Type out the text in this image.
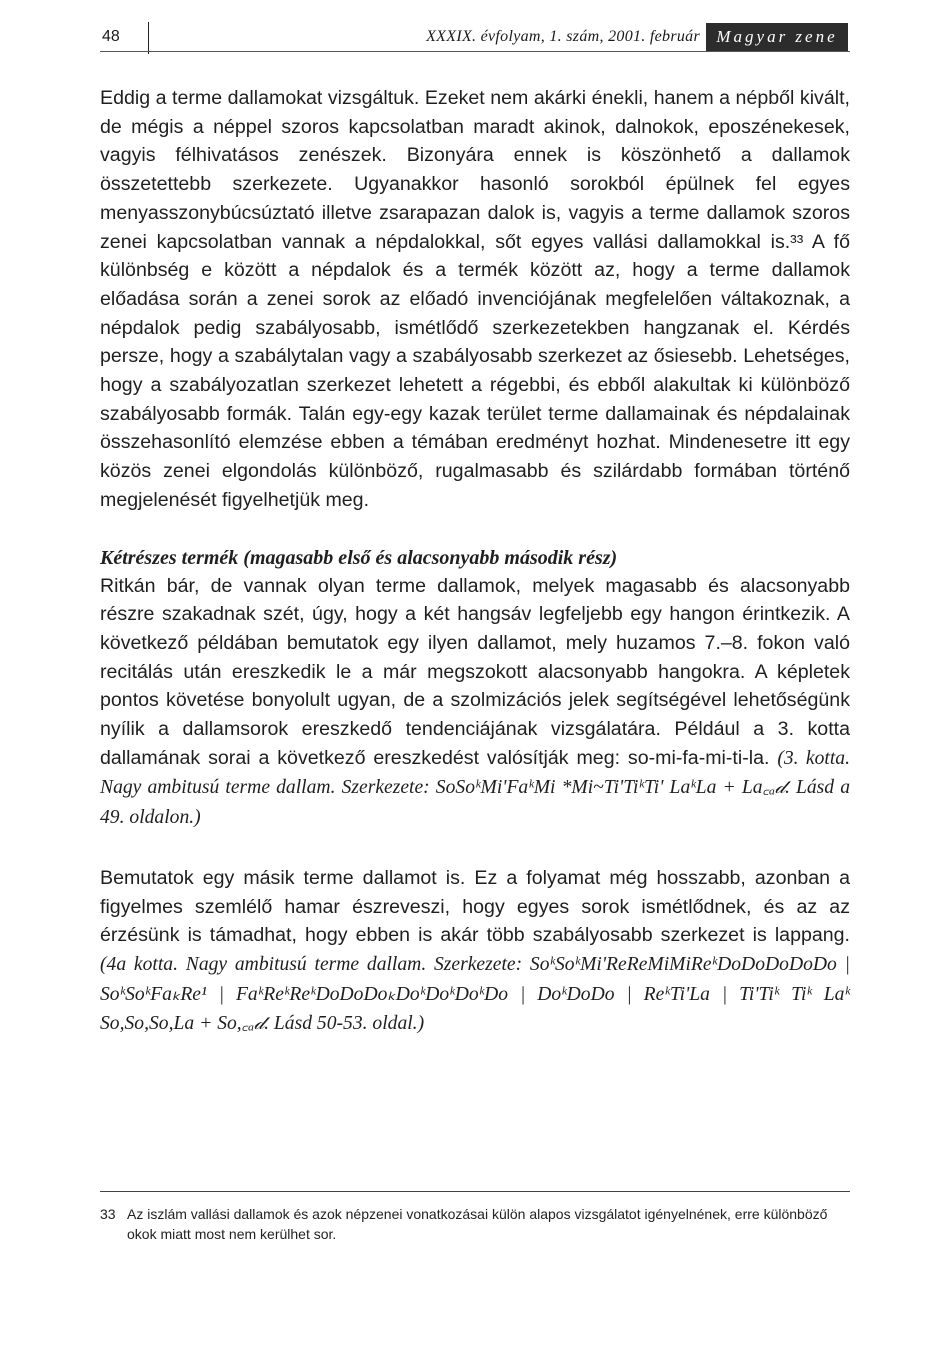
48	XXXIX. évfolyam, 1. szám, 2001. február Magyar zene

Eddig a terme dallamokat vizsgáltuk. Ezeket nem akárki énekli, hanem a népből kivált, de mégis a néppel szoros kapcsolatban maradt akinok, dalnokok, eposzénekesek, vagyis félhivatásos zenészek. Bizonyára ennek is köszönhető a dallamok összetettebb szerkezete. Ugyanakkor hasonló sorokból épülnek fel egyes menyasszonybúcsúztató illetve zsarapazan dalok is, vagyis a terme dallamok szoros zenei kapcsolatban vannak a népdalokkal, sőt egyes vallási dallamokkal is.³³ A fő különbség e között a népdalok és a termék között az, hogy a terme dallamok előadása során a zenei sorok az előadó invenciójának megfelelően váltakoznak, a népdalok pedig szabályosabb, ismétlődő szerkezetekben hangzanak el. Kérdés persze, hogy a szabálytalan vagy a szabályosabb szerkezet az ősiesebb. Lehetséges, hogy a szabályozatlan szerkezet lehetett a régebbi, és ebből alakultak ki különböző szabályosabb formák. Talán egy-egy kazak terület terme dallamainak és népdalainak összehasonlító elemzése ebben a témában eredményt hozhat. Mindenesetre itt egy közös zenei elgondolás különböző, rugalmasabb és szilárdabb formában történő megjelenését figyelhetjük meg.

Kétrészes termék (magasabb első és alacsonyabb második rész)

Ritkán bár, de vannak olyan terme dallamok, melyek magasabb és alacsonyabb részre szakadnak szét, úgy, hogy a két hangsáv legfeljebb egy hangon érintkezik. A következő példában bemutatok egy ilyen dallamot, mely huzamos 7.–8. fokon való recitálás után ereszkedik le a már megszokott alacsonyabb hangokra. A képletek pontos követése bonyolult ugyan, de a szolmizációs jelek segítségével lehetőségünk nyílik a dallamsorok ereszkedő tendenciájának vizsgálatára. Például a 3. kotta dallamának sorai a következő ereszkedést valósítják meg: so-mi-fa-mi-ti-la. (3. kotta. Nagy ambitusú terme dallam. Szerkezete: SoSoᵏMi'FaᵏMi *Mi~Ti'TiᵏTi' LaᵏLa + La꜀ₐ𝒹. Lásd a 49. oldalon.)

Bemutatok egy másik terme dallamot is. Ez a folyamat még hosszabb, azonban a figyelmes szemlélő hamar észreveszi, hogy egyes sorok ismétlődnek, és az az érzésünk is támadhat, hogy ebben is akár több szabályosabb szerkezet is lappang. (4a kotta. Nagy ambitusú terme dallam. Szerkezete: SoᵏSoᵏMi'ReReMiMiReᵏDoDoDoDoDo | SoᵏSoᵏFaₖRe¹ | FaᵏReᵏReᵏDoDoDoₖDoᵏDoᵏDoᵏDo | DoᵏDoDo | ReᵏTi'La | Ti'Tiᵏ Tiᵏ Laᵏ So,So,So,La + So,꜀ₐ𝒹. Lásd 50-53. oldal.)

33 Az iszlám vallási dallamok és azok népzenei vonatkozásai külön alapos vizsgálatot igényelnének, erre különböző okok miatt most nem kerülhet sor.
